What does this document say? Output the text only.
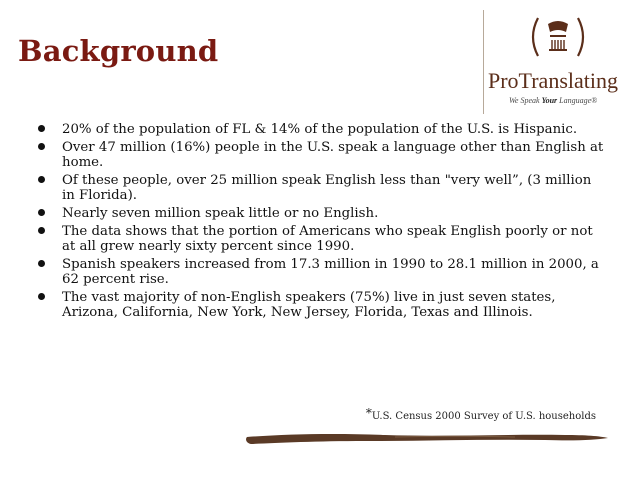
Background
ProTranslating
We Speak Your Language®
20% of the population of FL & 14% of the population of the U.S. is Hispanic.
Over 47 million (16%) people in the U.S. speak a language other than English at home.
Of these people, over 25 million speak English less than "very well”, (3 million in Florida).
Nearly seven million speak little or no English.
The data shows that the portion of Americans who speak English poorly or not at all grew nearly sixty percent since 1990.
Spanish speakers increased from 17.3 million in 1990 to 28.1 million in 2000, a 62 percent rise.
The vast majority of non-English speakers (75%) live in just seven states, Arizona, California, New York, New Jersey, Florida, Texas and Illinois.
*U.S. Census 2000 Survey of U.S. households
